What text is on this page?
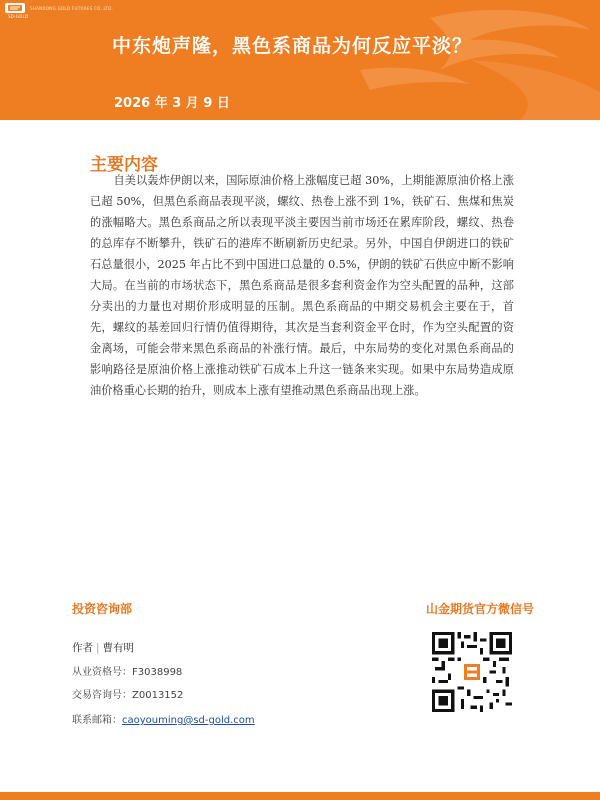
SD-GOLD
SHANDONG GOLD FUTURES CO.,LTD.
中东炮声隆，黑色系商品为何反应平淡？
2026 年 3 月 9 日
主要内容

自美以轰炸伊朗以来，国际原油价格上涨幅度已超 30%，上期能源原油价格上涨已超 50%，但黑色系商品表现平淡，螺纹、热卷上涨不到 1%，铁矿石、焦煤和焦炭的涨幅略大。黑色系商品之所以表现平淡主要因当前市场还在累库阶段，螺纹、热卷的总库存不断攀升，铁矿石的港库不断刷新历史纪录。另外，中国自伊朗进口的铁矿石总量很小，2025 年占比不到中国进口总量的 0.5%，伊朗的铁矿石供应中断不影响大局。在当前的市场状态下，黑色系商品是很多套利资金作为空头配置的品种，这部分卖出的力量也对期价形成明显的压制。黑色系商品的中期交易机会主要在于，首先，螺纹的基差回归行情仍值得期待，其次是当套利资金平仓时，作为空头配置的资金离场，可能会带来黑色系商品的补涨行情。最后，中东局势的变化对黑色系商品的影响路径是原油价格上涨推动铁矿石成本上升这一链条来实现。如果中东局势造成原油价格重心长期的抬升，则成本上涨有望推动黑色系商品出现上涨。

投资咨询部	山金期货官方微信号
作者 | 曹有明
从业资格号：F3038998
交易咨询号：Z0013152
联系邮箱：caoyouming@sd-gold.com
